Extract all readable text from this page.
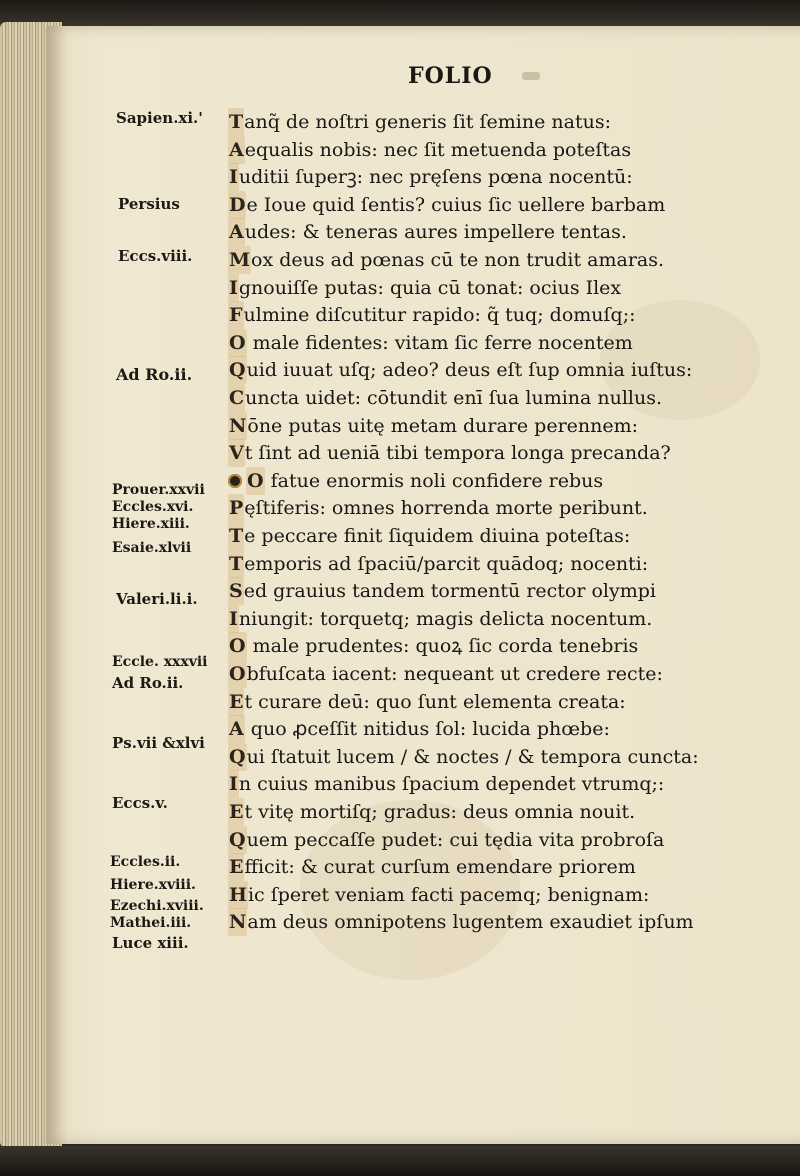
FOLIO
Sapien.xi.'
Persius
Eccs.viii.
Ad Ro.ii.
Prouer.xxvii
Eccles.xvi.
Hiere.xiii.
Esaie.xlvii
Valeri.li.i.
Eccle. xxxvii
Ad Ro.ii.
Ps.vii &xlvi
Eccs.v.
Eccles.ii.
Hiere.xviii.
Ezechi.xviii.
Mathei.iii.
Luce xiii.
Tanq̃ de noſtri generis ſit ſemine natus:
Aequalis nobis: nec ſit metuenda poteſtas
Iuditii ſuperꝫ: nec pręſens pœna nocentū:
De Ioue quid ſentis? cuius ſic uellere barbam
Audes: & teneras aures impellere tentas.
Mox deus ad pœnas cū te non trudit amaras.
Ignouiſſe putas: quia cū tonat: ocius Ilex
Fulmine diſcutitur rapido: q̃ tuq; domuſq;:
O male fidentes: vitam ſic ferre nocentem
Quid iuuat uſq; adeo? deus eſt ſup omnia iuſtus:
Cuncta uidet: cōtundit enī ſua lumina nullus.
Nōne putas uitę metam durare perennem:
Vt ſint ad ueniā tibi tempora longa precanda?
O fatue enormis noli confidere rebus
Pęſtiferis: omnes horrenda morte peribunt.
Te peccare finit ſiquidem diuina poteſtas:
Temporis ad ſpaciū/parcit quādoq; nocenti:
Sed grauius tandem tormentū rector olympi
Iniungit: torquetq; magis delicta nocentum.
O male prudentes: quoꝝ ſic corda tenebris
Obfuſcata iacent: nequeant ut credere recte:
Et curare deū: quo ſunt elementa creata:
A quo ꝓceſſit nitidus ſol: lucida phœbe:
Qui ſtatuit lucem / & noctes / & tempora cuncta:
In cuius manibus ſpacium dependet vtrumq;:
Et vitę mortiſq; gradus: deus omnia nouit.
Quem peccaſſe pudet: cui tędia vita probroſa
Efficit: & curat curſum emendare priorem
Hic ſperet veniam facti pacemq; benignam:
Nam deus omnipotens lugentem exaudiet ipſum
